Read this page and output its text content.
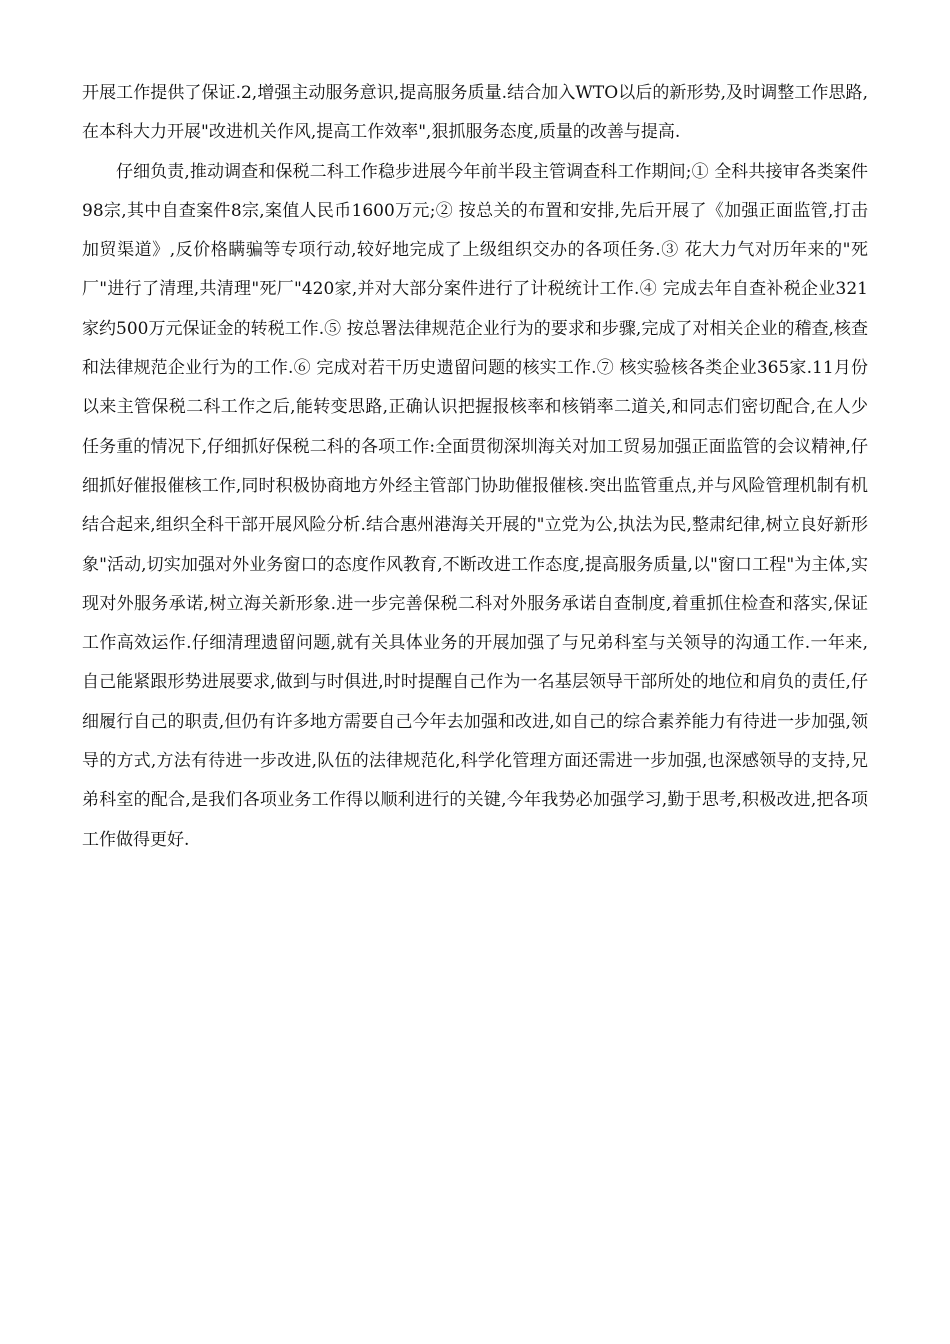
开展工作提供了保证.2,增强主动服务意识,提高服务质量.结合加入WTO以后的新形势,及时调整工作思路,在本科大力开展"改进机关作风,提高工作效率",狠抓服务态度,质量的改善与提高.

仔细负责,推动调查和保税二科工作稳步进展今年前半段主管调查科工作期间;① 全科共接审各类案件98宗,其中自查案件8宗,案值人民币1600万元;② 按总关的布置和安排,先后开展了《加强正面监管,打击加贸渠道》,反价格瞒骗等专项行动,较好地完成了上级组织交办的各项任务.③ 花大力气对历年来的"死厂"进行了清理,共清理"死厂"420家,并对大部分案件进行了计税统计工作.④ 完成去年自查补税企业321家约500万元保证金的转税工作.⑤ 按总署法律规范企业行为的要求和步骤,完成了对相关企业的稽查,核查和法律规范企业行为的工作.⑥ 完成对若干历史遗留问题的核实工作.⑦ 核实验核各类企业365家.11月份以来主管保税二科工作之后,能转变思路,正确认识把握报核率和核销率二道关,和同志们密切配合,在人少任务重的情况下,仔细抓好保税二科的各项工作:全面贯彻深圳海关对加工贸易加强正面监管的会议精神,仔细抓好催报催核工作,同时积极协商地方外经主管部门协助催报催核.突出监管重点,并与风险管理机制有机结合起来,组织全科干部开展风险分析.结合惠州港海关开展的"立党为公,执法为民,整肃纪律,树立良好新形象"活动,切实加强对外业务窗口的态度作风教育,不断改进工作态度,提高服务质量,以"窗口工程"为主体,实现对外服务承诺,树立海关新形象.进一步完善保税二科对外服务承诺自查制度,着重抓住检查和落实,保证工作高效运作.仔细清理遗留问题,就有关具体业务的开展加强了与兄弟科室与关领导的沟通工作.一年来,自己能紧跟形势进展要求,做到与时俱进,时时提醒自己作为一名基层领导干部所处的地位和肩负的责任,仔细履行自己的职责,但仍有许多地方需要自己今年去加强和改进,如自己的综合素养能力有待进一步加强,领导的方式,方法有待进一步改进,队伍的法律规范化,科学化管理方面还需进一步加强,也深感领导的支持,兄弟科室的配合,是我们各项业务工作得以顺利进行的关键,今年我势必加强学习,勤于思考,积极改进,把各项工作做得更好.
